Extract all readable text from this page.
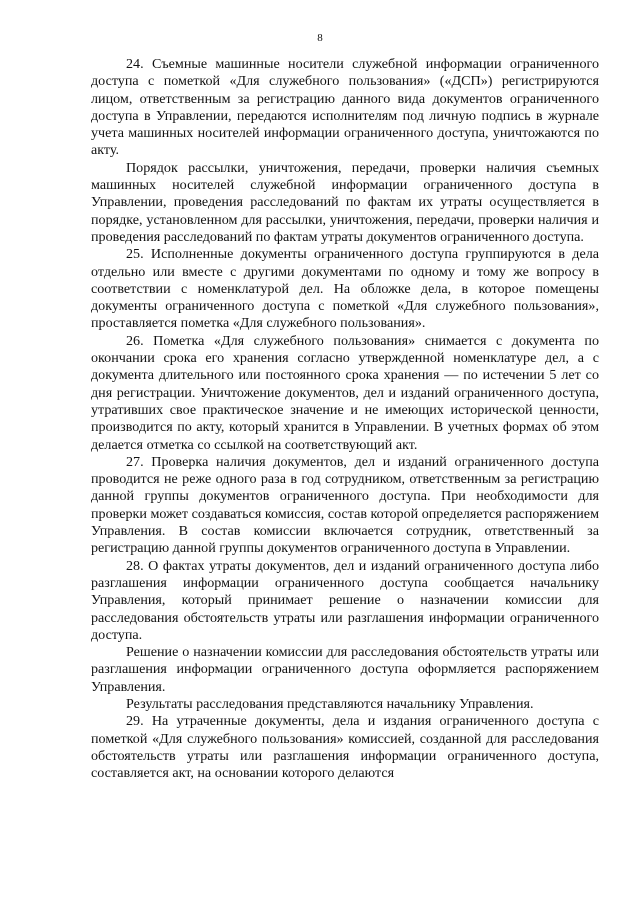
8

24. Съемные машинные носители служебной информации ограниченного доступа с пометкой «Для служебного пользования» («ДСП») регистрируются лицом, ответственным за регистрацию данного вида документов ограниченного доступа в Управлении, передаются исполнителям под личную подпись в журнале учета машинных носителей информации ограниченного доступа, уничтожаются по акту.

Порядок рассылки, уничтожения, передачи, проверки наличия съемных машинных носителей служебной информации ограниченного доступа в Управлении, проведения расследований по фактам их утраты осуществляется в порядке, установленном для рассылки, уничтожения, передачи, проверки наличия и проведения расследований по фактам утраты документов ограниченного доступа.

25. Исполненные документы ограниченного доступа группируются в дела отдельно или вместе с другими документами по одному и тому же вопросу в соответствии с номенклатурой дел. На обложке дела, в которое помещены документы ограниченного доступа с пометкой «Для служебного пользования», проставляется пометка «Для служебного пользования».

26. Пометка «Для служебного пользования» снимается с документа по окончании срока его хранения согласно утвержденной номенклатуре дел, а с документа длительного или постоянного срока хранения — по истечении 5 лет со дня регистрации. Уничтожение документов, дел и изданий ограниченного доступа, утративших свое практическое значение и не имеющих исторической ценности, производится по акту, который хранится в Управлении. В учетных формах об этом делается отметка со ссылкой на соответствующий акт.

27. Проверка наличия документов, дел и изданий ограниченного доступа проводится не реже одного раза в год сотрудником, ответственным за регистрацию данной группы документов ограниченного доступа. При необходимости для проверки может создаваться комиссия, состав которой определяется распоряжением Управления. В состав комиссии включается сотрудник, ответственный за регистрацию данной группы документов ограниченного доступа в Управлении.

28. О фактах утраты документов, дел и изданий ограниченного доступа либо разглашения информации ограниченного доступа сообщается начальнику Управления, который принимает решение о назначении комиссии для расследования обстоятельств утраты или разглашения информации ограниченного доступа.

Решение о назначении комиссии для расследования обстоятельств утраты или разглашения информации ограниченного доступа оформляется распоряжением Управления.

Результаты расследования представляются начальнику Управления.

29. На утраченные документы, дела и издания ограниченного доступа с пометкой «Для служебного пользования» комиссией, созданной для расследования обстоятельств утраты или разглашения информации ограниченного доступа, составляется акт, на основании которого делаются
